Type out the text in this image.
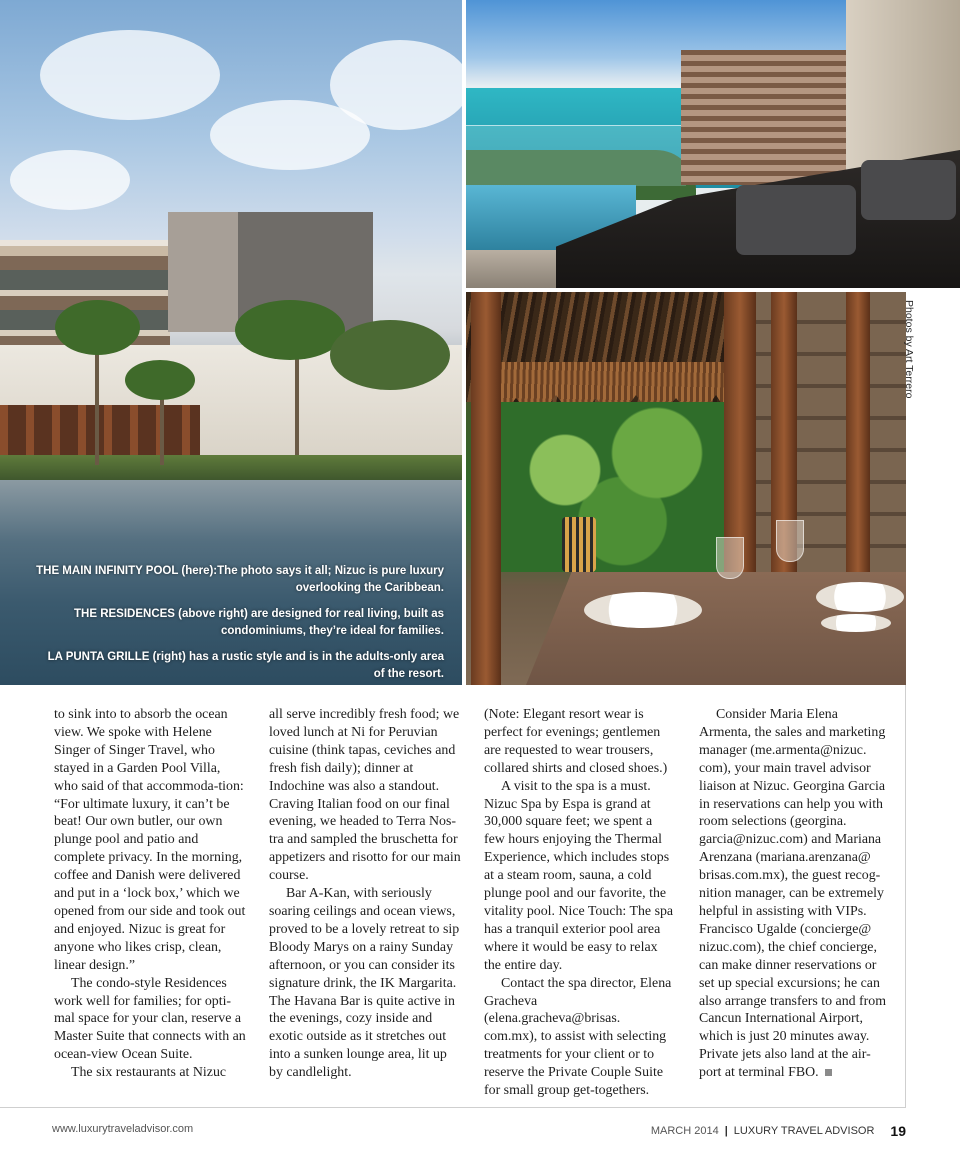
THE MAIN INFINITY POOL (here):The photo says it all; Nizuc is pure luxury overlooking the Caribbean.

THE RESIDENCES (above right) are designed for real living, built as condominiums, they’re ideal for families.

LA PUNTA GRILLE (right) has a rustic style and is in the adults-only area of the resort.

Photos by Art Terrero

to sink into to absorb the ocean view. We spoke with Helene Singer of Singer Travel, who stayed in a Garden Pool Villa, who said of that accommoda-tion: “For ultimate luxury, it can’t be beat! Our own butler, our own plunge pool and patio and complete privacy. In the morning, coffee and Danish were delivered and put in a ‘lock box,’ which we opened from our side and took out and enjoyed. Nizuc is great for anyone who likes crisp, clean, linear design.”

The condo-style Residences work well for families; for opti-mal space for your clan, reserve a Master Suite that connects with an ocean-view Ocean Suite.

The six restaurants at Nizuc

all serve incredibly fresh food; we loved lunch at Ni for Peruvian cuisine (think tapas, ceviches and fresh fish daily); dinner at Indochine was also a standout. Craving Italian food on our final evening, we headed to Terra Nos-tra and sampled the bruschetta for appetizers and risotto for our main course.

Bar A-Kan, with seriously soaring ceilings and ocean views, proved to be a lovely retreat to sip Bloody Marys on a rainy Sunday afternoon, or you can consider its signature drink, the IK Margarita. The Havana Bar is quite active in the evenings, cozy inside and exotic outside as it stretches out into a sunken lounge area, lit up by candlelight.

(Note: Elegant resort wear is perfect for evenings; gentlemen are requested to wear trousers, collared shirts and closed shoes.)

A visit to the spa is a must. Nizuc Spa by Espa is grand at 30,000 square feet; we spent a few hours enjoying the Thermal Experience, which includes stops at a steam room, sauna, a cold plunge pool and our favorite, the vitality pool. Nice Touch: The spa has a tranquil exterior pool area where it would be easy to relax the entire day.

Contact the spa director, Elena Gracheva (elena.gracheva@brisas. com.mx), to assist with selecting treatments for your client or to reserve the Private Couple Suite for small group get-togethers.

Consider Maria Elena Armenta, the sales and marketing manager (me.armenta@nizuc. com), your main travel advisor liaison at Nizuc. Georgina Garcia in reservations can help you with room selections (georgina. garcia@nizuc.com) and Mariana Arenzana (mariana.arenzana@ brisas.com.mx), the guest recog-nition manager, can be extremely helpful in assisting with VIPs. Francisco Ugalde (concierge@ nizuc.com), the chief concierge, can make dinner reservations or set up special excursions; he can also arrange transfers to and from Cancun International Airport, which is just 20 minutes away. Private jets also land at the air-port at terminal FBO.

www.luxurytraveladvisor.com	MARCH 2014 | LUXURY TRAVEL ADVISOR 19
